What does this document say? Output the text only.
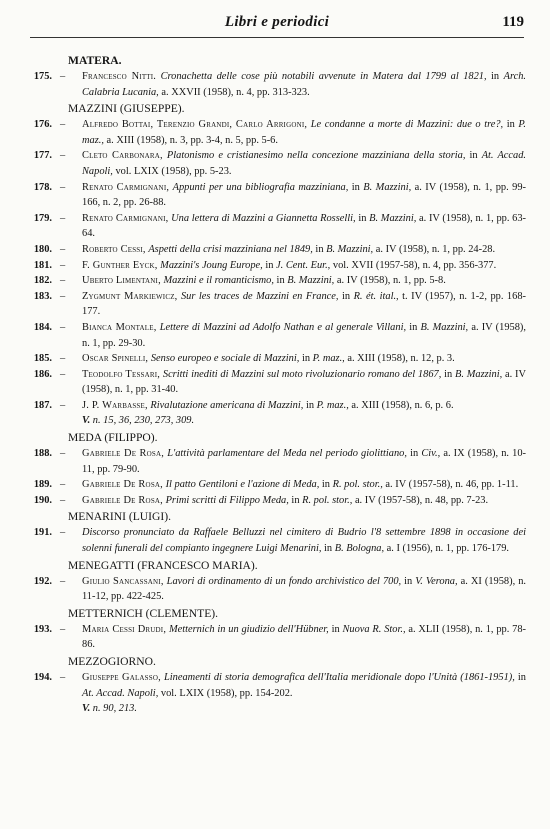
Libri e periodici	119
MATERA.
175. – Francesco Nitti. Cronachetta delle cose più notabili avvenute in Matera dal 1799 al 1821, in Arch. Calabria Lucania, a. XXVII (1958), n. 4, pp. 313-323.
MAZZINI (GIUSEPPE).
176. – Alfredo Bottai, Terenzio Grandi, Carlo Arrigoni, Le condanne a morte di Mazzini: due o tre?, in P. maz., a. XIII (1958), n. 3, pp. 3-4, n. 5, pp. 5-6.
177. – Cleto Carbonara, Platonismo e cristianesimo nella concezione mazziniana della storia, in At. Accad. Napoli, vol. LXIX (1958), pp. 5-23.
178. – Renato Carmignani, Appunti per una bibliografia mazziniana, in B. Mazzini, a. IV (1958), n. 1, pp. 99-166, n. 2, pp. 26-88.
179. – Renato Carmignani, Una lettera di Mazzini a Giannetta Rosselli, in B. Mazzini, a. IV (1958), n. 1, pp. 63-64.
180. – Roberto Cessi, Aspetti della crisi mazziniana nel 1849, in B. Mazzini, a. IV (1958), n. 1, pp. 24-28.
181. – F. Gunther Eyck, Mazzini's Joung Europe, in J. Cent. Eur., vol. XVII (1957-58), n. 4, pp. 356-377.
182. – Uberto Limentani, Mazzini e il romanticismo, in B. Mazzini, a. IV (1958), n. 1, pp. 5-8.
183. – Zygmunt Markiewicz, Sur les traces de Mazzini en France, in R. ét. ital., t. IV (1957), n. 1-2, pp. 168-177.
184. – Bianca Montale, Lettere di Mazzini ad Adolfo Nathan e al generale Villani, in B. Mazzini, a. IV (1958), n. 1, pp. 29-30.
185. – Oscar Spinelli, Senso europeo e sociale di Mazzini, in P. maz., a. XIII (1958), n. 12, p. 3.
186. – Teodolfo Tessari, Scritti inediti di Mazzini sul moto rivoluzionario romano del 1867, in B. Mazzini, a. IV (1958), n. 1, pp. 31-40.
187. – J. P. Warbasse, Rivalutazione americana di Mazzini, in P. maz., a. XIII (1958), n. 6, p. 6.
V. n. 15, 36, 230, 273, 309.
MEDA (FILIPPO).
188. – Gabriele De Rosa, L'attività parlamentare del Meda nel periodo giolittiano, in Civ., a. IX (1958), n. 10-11, pp. 79-90.
189. – Gabriele De Rosa, Il patto Gentiloni e l'azione di Meda, in R. pol. stor., a. IV (1957-58), n. 46, pp. 1-11.
190. – Gabriele De Rosa, Primi scritti di Filippo Meda, in R. pol. stor., a. IV (1957-58), n. 48, pp. 7-23.
MENARINI (LUIGI).
191. – Discorso pronunciato da Raffaele Belluzzi nel cimitero di Budrio l'8 settembre 1898 in occasione dei solenni funerali del compianto ingegnere Luigi Menarini, in B. Bologna, a. I (1956), n. 1, pp. 176-179.
MENEGATTI (FRANCESCO MARIA).
192. – Giulio Sancassani, Lavori di ordinamento di un fondo archivistico del 700, in V. Verona, a. XI (1958), n. 11-12, pp. 422-425.
METTERNICH (CLEMENTE).
193. – Maria Cessi Drudi, Metternich in un giudizio dell'Hübner, in Nuova R. Stor., a. XLII (1958), n. 1, pp. 78-86.
MEZZOGIORNO.
194. – Giuseppe Galasso, Lineamenti di storia demografica dell'Italia meridionale dopo l'Unità (1861-1951), in At. Accad. Napoli, vol. LXIX (1958), pp. 154-202.
V. n. 90, 213.
